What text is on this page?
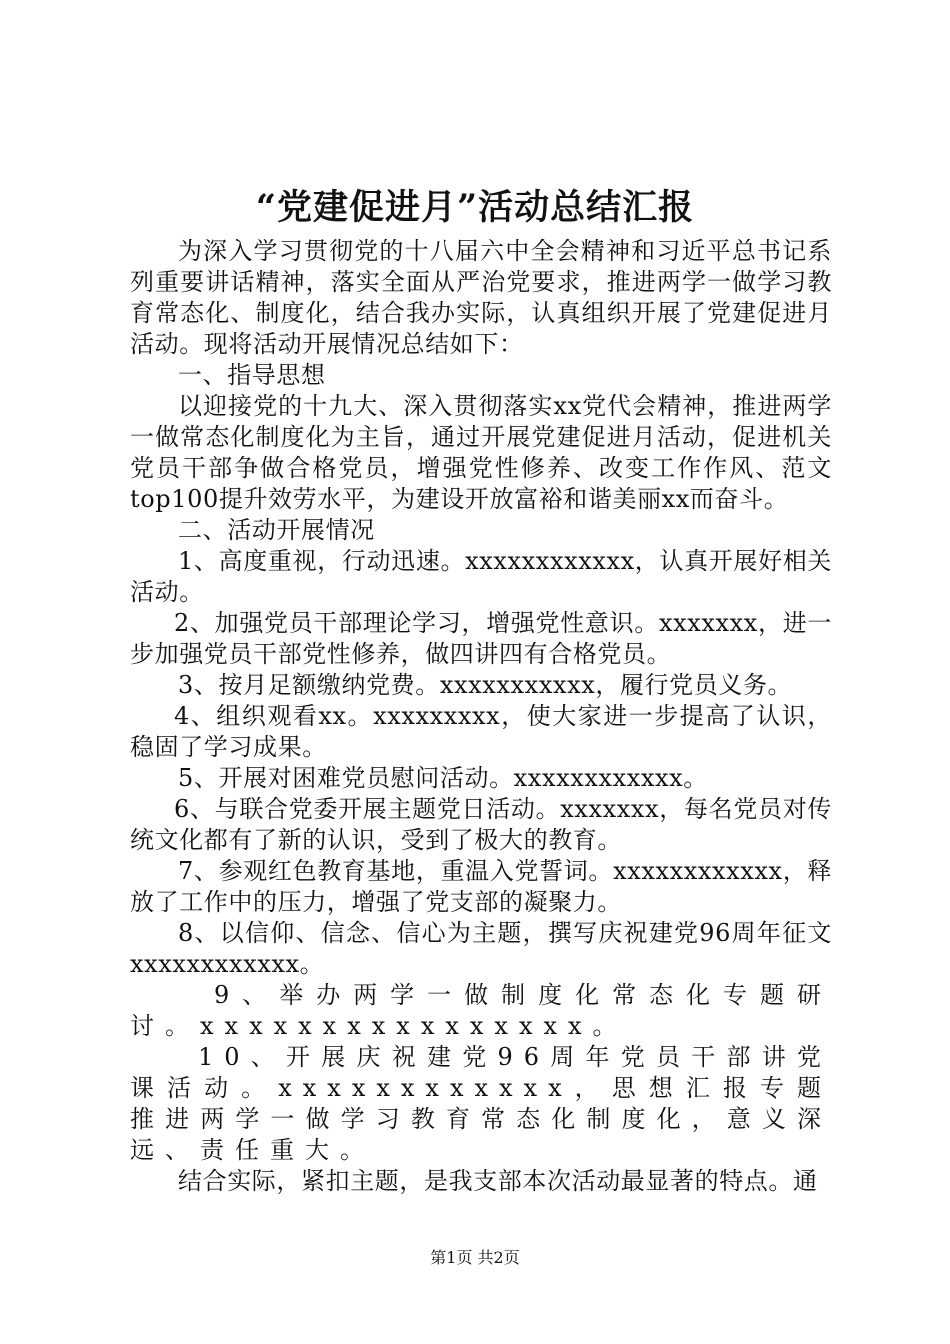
“党建促进月”活动总结汇报

为深入学习贯彻党的十八届六中全会精神和习近平总书记系列重要讲话精神，落实全面从严治党要求，推进两学一做学习教育常态化、制度化，结合我办实际，认真组织开展了党建促进月活动。现将活动开展情况总结如下：

一、指导思想

以迎接党的十九大、深入贯彻落实xx党代会精神，推进两学一做常态化制度化为主旨，通过开展党建促进月活动，促进机关党员干部争做合格党员，增强党性修养、改变工作作风、范文top100提升效劳水平，为建设开放富裕和谐美丽xx而奋斗。

二、活动开展情况

1、高度重视，行动迅速。xxxxxxxxxxxx，认真开展好相关活动。

2、加强党员干部理论学习，增强党性意识。xxxxxxx，进一步加强党员干部党性修养，做四讲四有合格党员。

3、按月足额缴纳党费。xxxxxxxxxxx，履行党员义务。

4、组织观看xx。xxxxxxxxx，使大家进一步提高了认识，稳固了学习成果。

5、开展对困难党员慰问活动。xxxxxxxxxxxx。

6、与联合党委开展主题党日活动。xxxxxxx，每名党员对传统文化都有了新的认识，受到了极大的教育。

7、参观红色教育基地，重温入党誓词。xxxxxxxxxxxx，释放了工作中的压力，增强了党支部的凝聚力。

8、以信仰、信念、信心为主题，撰写庆祝建党96周年征文xxxxxxxxxxxx。

9、举办两学一做制度化常态化专题研讨。xxxxxxxxxxxxxxxx。

10、开展庆祝建党96周年党员干部讲党课活动。xxxxxxxxxxxx，思想汇报专题推进两学一做学习教育常态化制度化，意义深远、责任重大。

结合实际，紧扣主题，是我支部本次活动最显著的特点。通

第1页 共2页
